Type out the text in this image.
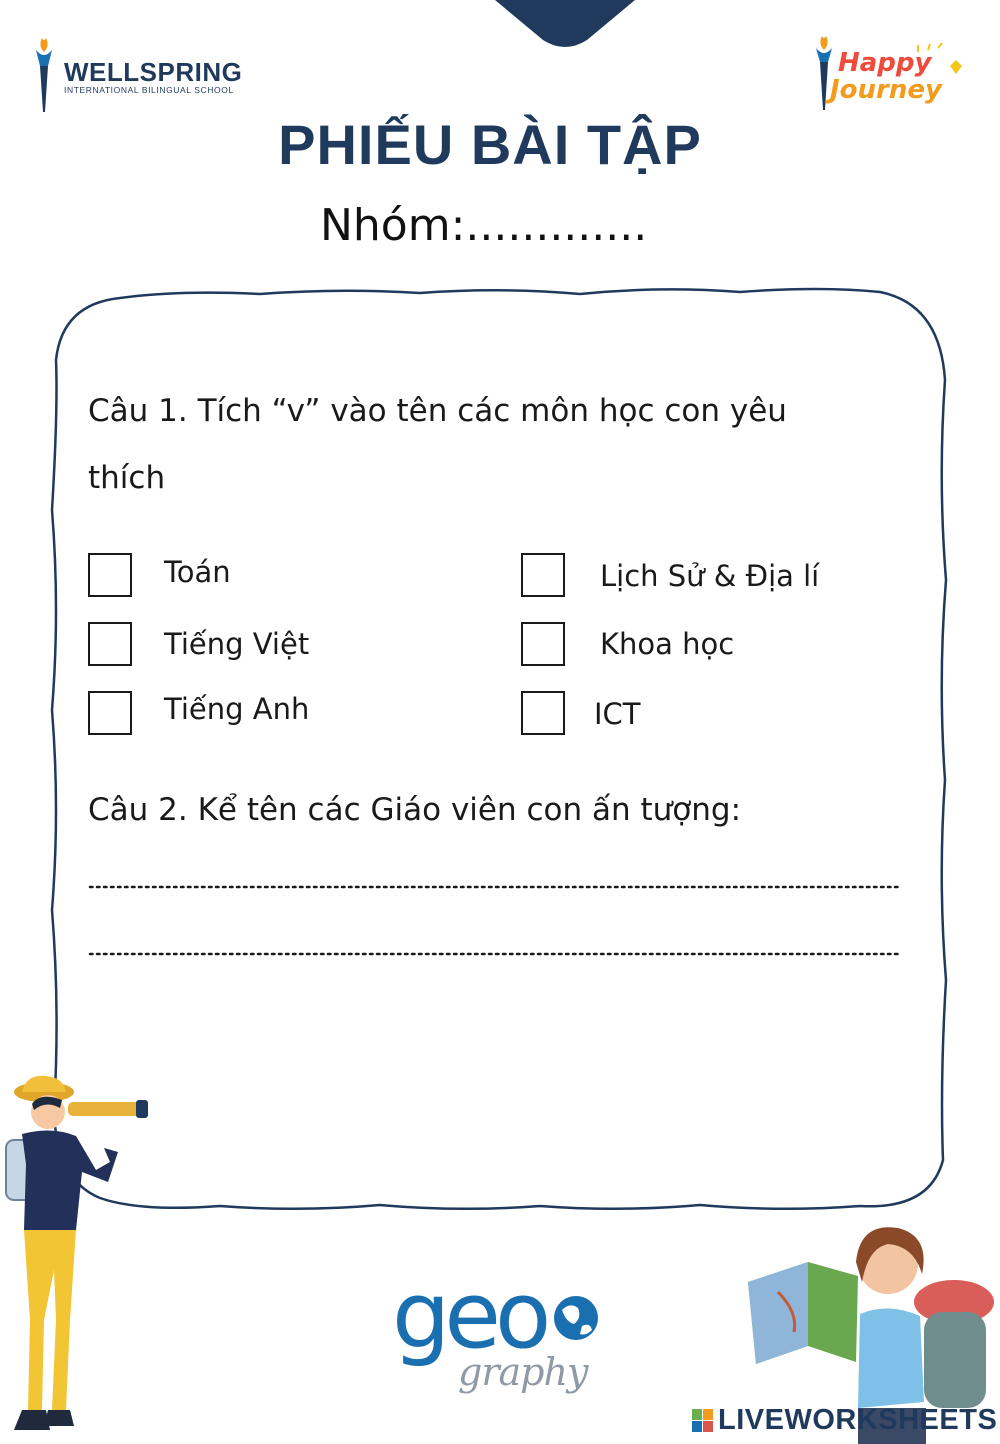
WELLSPRING
INTERNATIONAL BILINGUAL SCHOOL
Happy
Journey
PHIẾU BÀI TẬP
Nhóm:.............
Câu 1. Tích “v” vào tên các môn học con yêu
thích
Toán	Lịch Sử & Địa lí
Tiếng Việt	Khoa học
Tiếng Anh	ICT
Câu 2. Kể tên các Giáo viên con ấn tượng:
geo
graphy
LIVEWORKSHEETS
